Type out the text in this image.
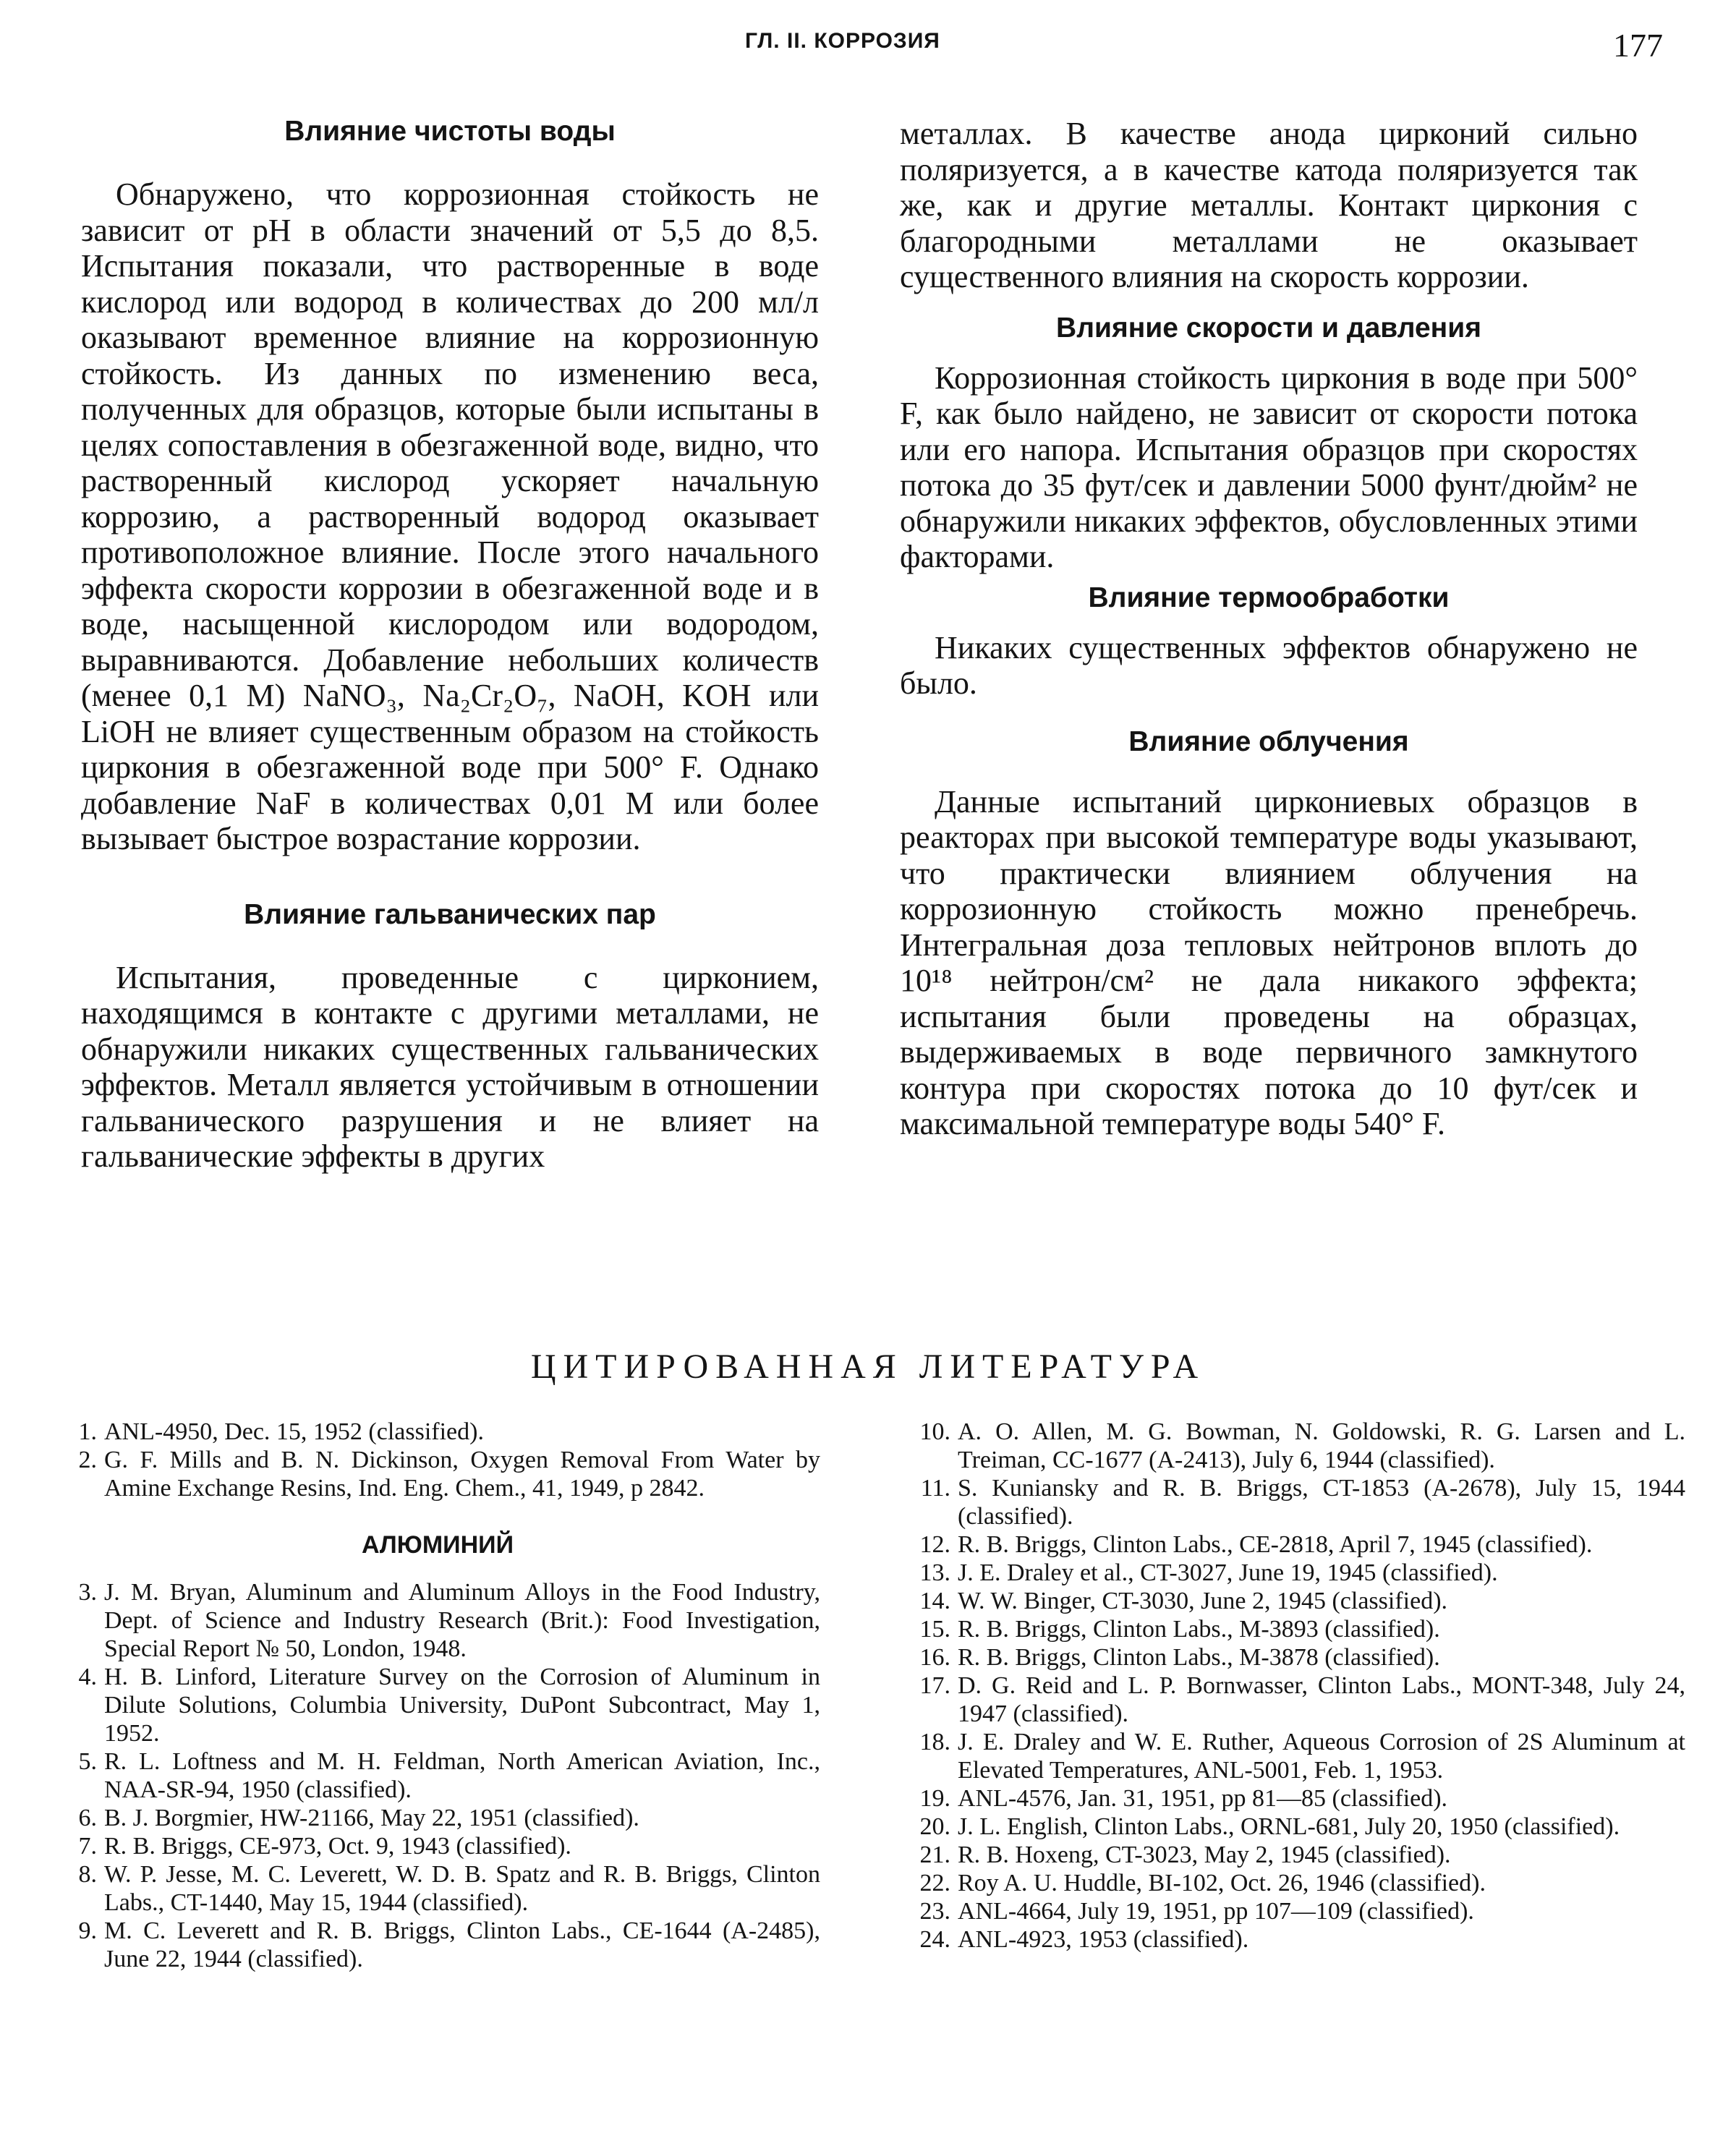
ГЛ. II. КОРРОЗИЯ	177
Влияние чистоты воды

Обнаружено, что коррозионная стойкость не зависит от pH в области значений от 5,5 до 8,5. Испытания показали, что растворенные в воде кислород или водород в количествах до 200 мл/л оказывают временное влияние на коррозионную стойкость. Из данных по изменению веса, полученных для образцов, которые были испытаны в целях сопоставления в обезгаженной воде, видно, что растворенный кислород ускоряет начальную коррозию, а растворенный водород оказывает противоположное влияние. После этого начального эффекта скорости коррозии в обезгаженной воде и в воде, насыщенной кислородом или водородом, выравниваются. Добавление небольших количеств (менее 0,1 M) NaNO₃, Na₂Cr₂O₇, NaOH, KOH или LiOH не влияет существенным образом на стойкость циркония в обезгаженной воде при 500° F. Однако добавление NaF в количествах 0,01 M или более вызывает быстрое возрастание коррозии.

Влияние гальванических пар

Испытания, проведенные с цирконием, находящимся в контакте с другими металлами, не обнаружили никаких существенных гальванических эффектов. Металл является устойчивым в отношении гальванического разрушения и не влияет на гальванические эффекты в других

металлах. В качестве анода цирконий сильно поляризуется, а в качестве катода поляризуется так же, как и другие металлы. Контакт циркония с благородными металлами не оказывает существенного влияния на скорость коррозии.

Влияние скорости и давления

Коррозионная стойкость циркония в воде при 500° F, как было найдено, не зависит от скорости потока или его напора. Испытания образцов при скоростях потока до 35 фут/сек и давлении 5000 фунт/дюйм² не обнаружили никаких эффектов, обусловленных этими факторами.

Влияние термообработки

Никаких существенных эффектов обнаружено не было.

Влияние облучения

Данные испытаний циркониевых образцов в реакторах при высокой температуре воды указывают, что практически влиянием облучения на коррозионную стойкость можно пренебречь. Интегральная доза тепловых нейтронов вплоть до 10¹⁸ нейтрон/см² не дала никакого эффекта; испытания были проведены на образцах, выдерживаемых в воде первичного замкнутого контура при скоростях потока до 10 фут/сек и максимальной температуре воды 540° F.

ЦИТИРОВАННАЯ ЛИТЕРАТУРА
1. ANL-4950, Dec. 15, 1952 (classified).
2. G. F. Mills and B. N. Dickinson, Oxygen Removal From Water by Amine Exchange Resins, Ind. Eng. Chem., 41, 1949, p 2842.
АЛЮМИНИЙ
3. J. M. Bryan, Aluminum and Aluminum Alloys in the Food Industry, Dept. of Science and Industry Research (Brit.): Food Investigation, Special Report № 50, London, 1948.
4. H. B. Linford, Literature Survey on the Corrosion of Aluminum in Dilute Solutions, Columbia University, DuPont Subcontract, May 1, 1952.
5. R. L. Loftness and M. H. Feldman, North American Aviation, Inc., NAA-SR-94, 1950 (classified).
6. B. J. Borgmier, HW-21166, May 22, 1951 (classified).
7. R. B. Briggs, CE-973, Oct. 9, 1943 (classified).
8. W. P. Jesse, M. C. Leverett, W. D. B. Spatz and R. B. Briggs, Clinton Labs., CT-1440, May 15, 1944 (classified).
9. M. C. Leverett and R. B. Briggs, Clinton Labs., CE-1644 (A-2485), June 22, 1944 (classified).
10. A. O. Allen, M. G. Bowman, N. Goldowski, R. G. Larsen and L. Treiman, CC-1677 (A-2413), July 6, 1944 (classified).
11. S. Kuniansky and R. B. Briggs, CT-1853 (A-2678), July 15, 1944 (classified).
12. R. B. Briggs, Clinton Labs., CE-2818, April 7, 1945 (classified).
13. J. E. Draley et al., CT-3027, June 19, 1945 (classified).
14. W. W. Binger, CT-3030, June 2, 1945 (classified).
15. R. B. Briggs, Clinton Labs., M-3893 (classified).
16. R. B. Briggs, Clinton Labs., M-3878 (classified).
17. D. G. Reid and L. P. Bornwasser, Clinton Labs., MONT-348, July 24, 1947 (classified).
18. J. E. Draley and W. E. Ruther, Aqueous Corrosion of 2S Aluminum at Elevated Temperatures, ANL-5001, Feb. 1, 1953.
19. ANL-4576, Jan. 31, 1951, pp 81—85 (classified).
20. J. L. English, Clinton Labs., ORNL-681, July 20, 1950 (classified).
21. R. B. Hoxeng, CT-3023, May 2, 1945 (classified).
22. Roy A. U. Huddle, BI-102, Oct. 26, 1946 (classified).
23. ANL-4664, July 19, 1951, pp 107—109 (classified).
24. ANL-4923, 1953 (classified).
